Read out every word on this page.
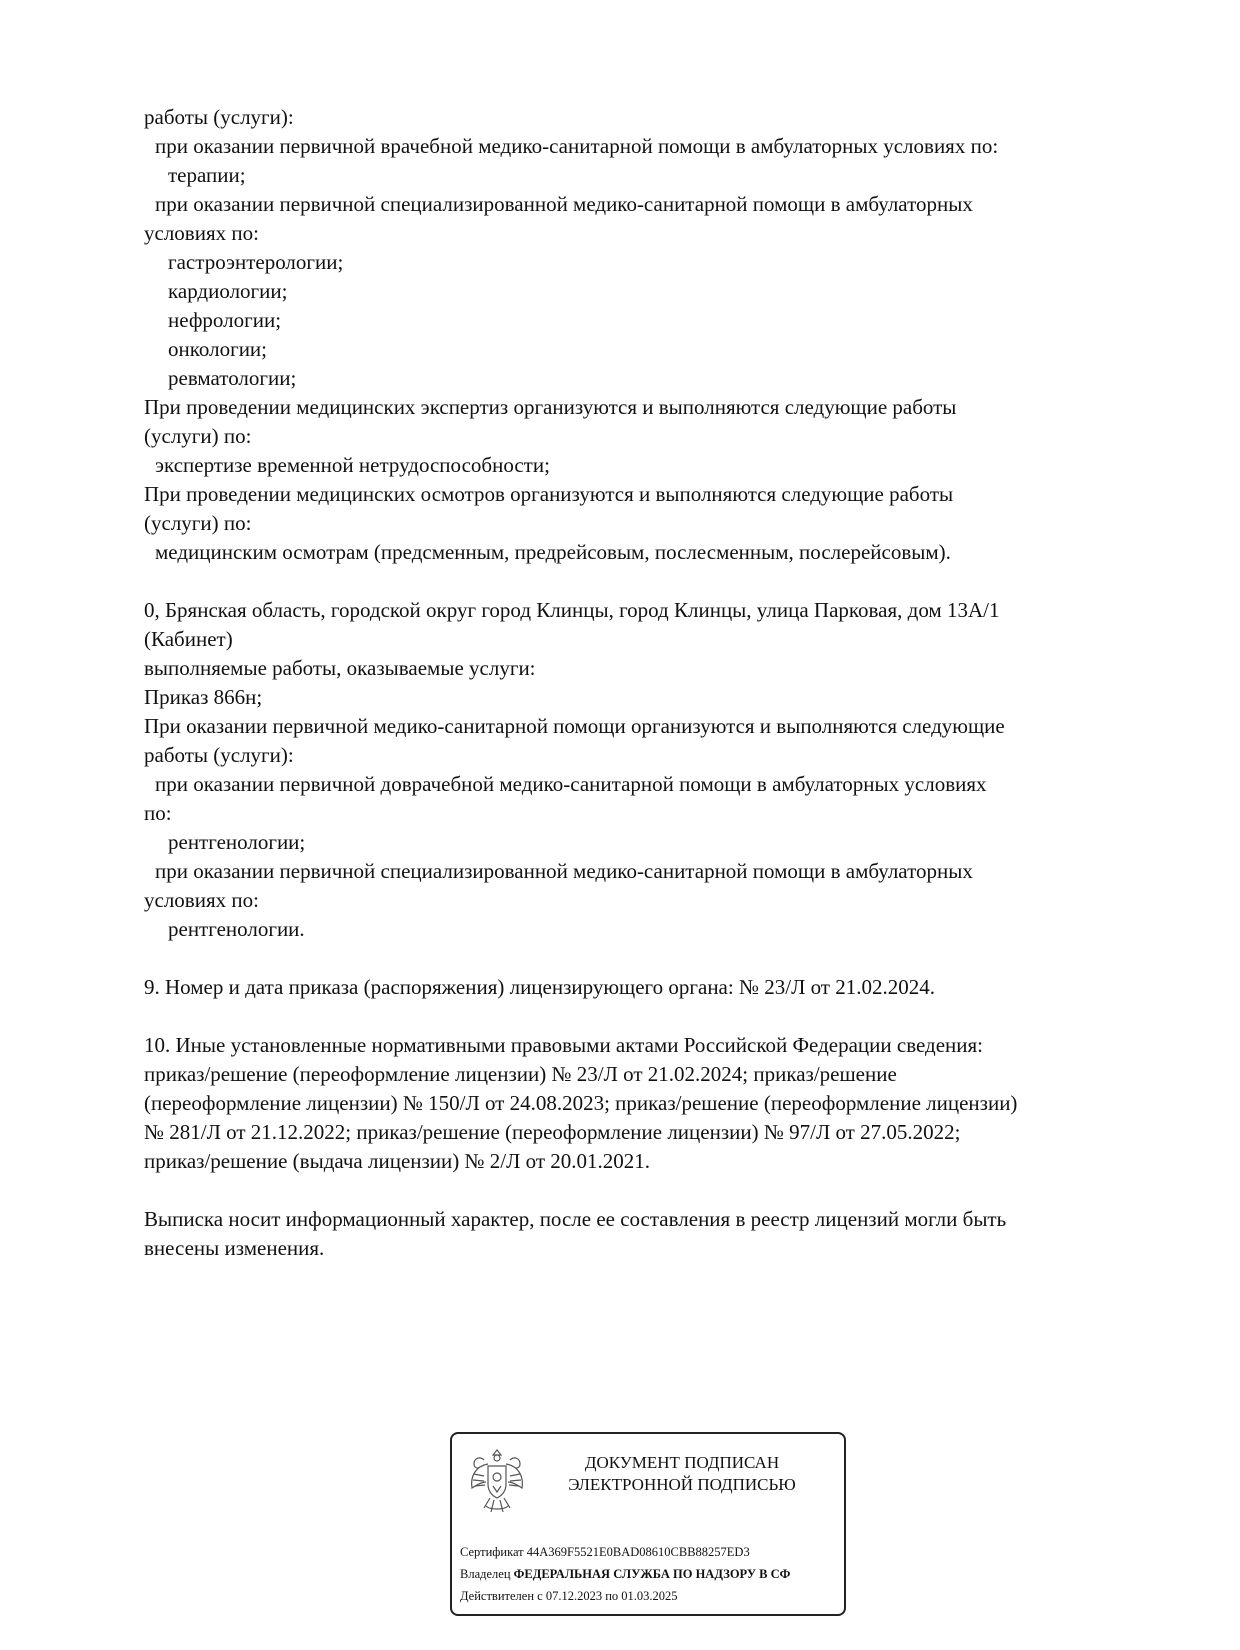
работы (услуги):
при оказании первичной врачебной медико-санитарной помощи в амбулаторных условиях по:
терапии;
при оказании первичной специализированной медико-санитарной помощи в амбулаторных
условиях по:
гастроэнтерологии;
кардиологии;
нефрологии;
онкологии;
ревматологии;
При проведении медицинских экспертиз организуются и выполняются следующие работы
(услуги) по:
экспертизе временной нетрудоспособности;
При проведении медицинских осмотров организуются и выполняются следующие работы
(услуги) по:
медицинским осмотрам (предсменным, предрейсовым, послесменным, послерейсовым).
0, Брянская область, городской округ город Клинцы, город Клинцы, улица Парковая, дом 13А/1
(Кабинет)
выполняемые работы, оказываемые услуги:
Приказ 866н;
При оказании первичной медико-санитарной помощи организуются и выполняются следующие
работы (услуги):
при оказании первичной доврачебной медико-санитарной помощи в амбулаторных условиях
по:
рентгенологии;
при оказании первичной специализированной медико-санитарной помощи в амбулаторных
условиях по:
рентгенологии.
9. Номер и дата приказа (распоряжения) лицензирующего органа: № 23/Л от 21.02.2024.
10. Иные установленные нормативными правовыми актами Российской Федерации сведения:
приказ/решение (переоформление лицензии) № 23/Л от 21.02.2024; приказ/решение
(переоформление лицензии) № 150/Л от 24.08.2023; приказ/решение (переоформление лицензии)
№ 281/Л от 21.12.2022; приказ/решение (переоформление лицензии) № 97/Л от 27.05.2022;
приказ/решение (выдача лицензии) № 2/Л от 20.01.2021.
Выписка носит информационный характер, после ее составления в реестр лицензий могли быть
внесены изменения.
ДОКУМЕНТ ПОДПИСАН
ЭЛЕКТРОННОЙ ПОДПИСЬЮ
Сертификат 44A369F5521E0BAD08610CBB88257ED3
Владелец ФЕДЕРАЛЬНАЯ СЛУЖБА ПО НАДЗОРУ В СФ
Действителен с 07.12.2023 по 01.03.2025
